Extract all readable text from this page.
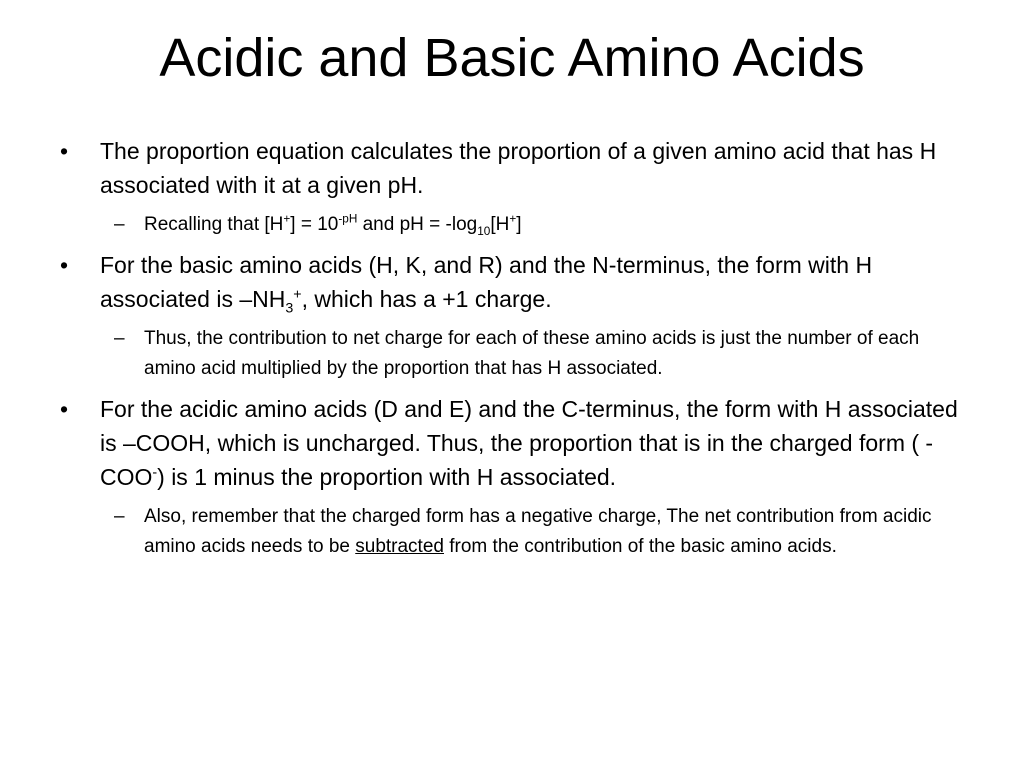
Acidic and Basic Amino Acids
• The proportion equation calculates the proportion of a given amino acid that has H associated with it at a given pH.
– Recalling that $[H^+] = 10^{-pH}$ and pH = $-\log_{10}[H^+]$
• For the basic amino acids (H, K, and R) and the N-terminus, the form with H associated is $-NH_3^+$, which has a +1 charge.
– Thus, the contribution to net charge for each of these amino acids is just the number of each amino acid multiplied by the proportion that has H associated.
• For the acidic amino acids (D and E) and the C-terminus, the form with H associated is –COOH, which is uncharged. Thus, the proportion that is in the charged form ( -COO-) is 1 minus the proportion with H associated.
– Also, remember that the charged form has a negative charge, The net contribution from acidic amino acids needs to be subtracted from the contribution of the basic amino acids.
